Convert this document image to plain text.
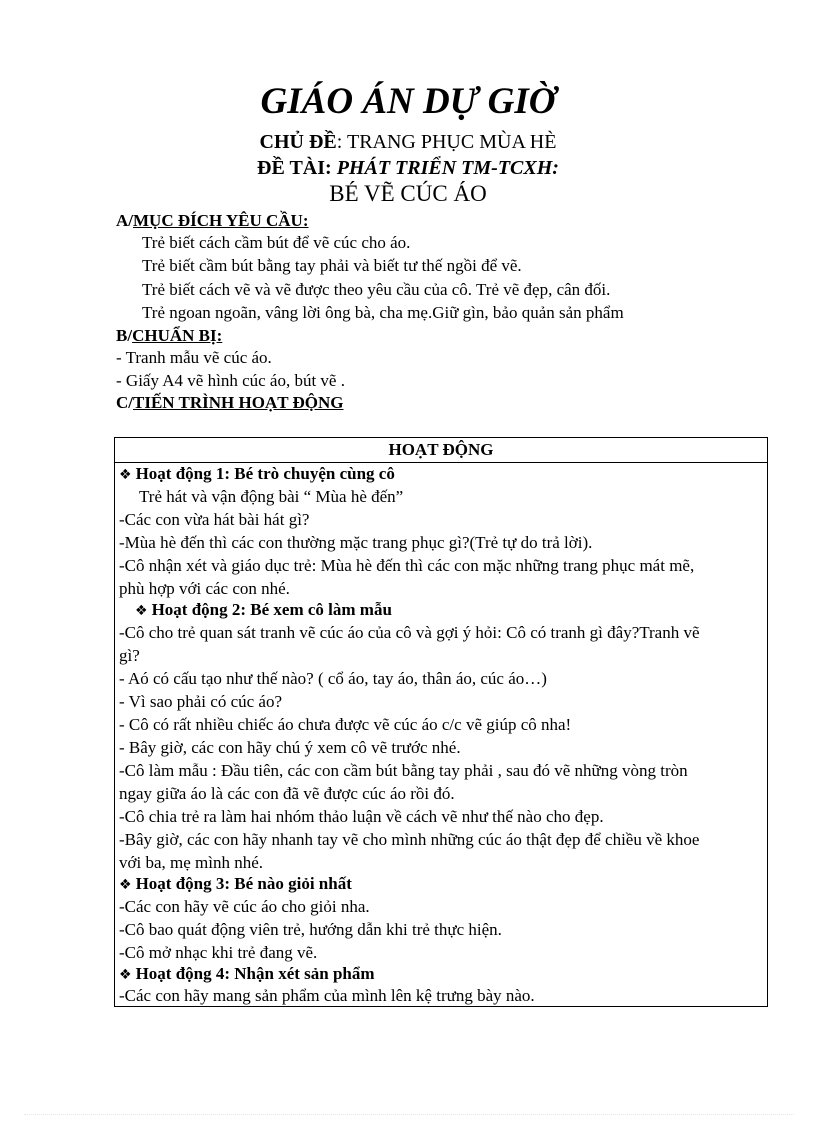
GIÁO ÁN DỰ GIỜ
CHỦ ĐỀ: TRANG PHỤC MÙA HÈ
ĐỀ TÀI: PHÁT TRIỂN TM-TCXH:
BÉ VẼ CÚC ÁO
A/MỤC ĐÍCH YÊU CẦU:
Trẻ biết cách cầm bút để vẽ cúc cho áo.
Trẻ biết cầm bút bằng tay phải và biết tư thế ngồi để vẽ.
Trẻ biết cách vẽ và vẽ được theo yêu cầu của cô. Trẻ vẽ đẹp, cân đối.
Trẻ ngoan ngoãn, vâng lời ông bà, cha mẹ.Giữ gìn, bảo quản sản phẩm
B/CHUẨN BỊ:
- Tranh mẫu vẽ cúc áo.
- Giấy A4 vẽ hình cúc áo, bút vẽ .
C/TIẾN TRÌNH HOẠT ĐỘNG
HOẠT ĐỘNG
❖ Hoạt động 1: Bé trò chuyện cùng cô
Trẻ hát và vận động bài “ Mùa hè đến”
-Các con vừa hát bài hát gì?
-Mùa hè đến thì các con thường mặc trang phục gì?(Trẻ tự do trả lời).
-Cô nhận xét và giáo dục trẻ: Mùa hè đến thì các con mặc những trang phục mát mẽ,
phù hợp với các con nhé.
❖ Hoạt động 2: Bé xem cô làm mẫu
-Cô cho trẻ quan sát tranh vẽ cúc áo của cô và gợi ý hỏi: Cô có tranh gì đây?Tranh vẽ
gì?
- Aó có cấu tạo như thế nào? ( cổ áo, tay áo, thân áo, cúc áo…)
- Vì sao phải có cúc áo?
- Cô có rất nhiều chiếc áo chưa được vẽ cúc áo c/c vẽ giúp cô nha!
- Bây giờ, các con hãy chú ý xem cô vẽ trước nhé.
-Cô làm mẫu : Đầu tiên, các con cầm bút bằng tay phải , sau đó vẽ những vòng tròn
ngay giữa áo là các con đã vẽ được cúc áo rồi đó.
-Cô chia trẻ ra làm hai nhóm thảo luận về cách vẽ như thế nào cho đẹp.
-Bây giờ, các con hãy nhanh tay vẽ cho mình những cúc áo thật đẹp để chiều về khoe
với ba, mẹ mình nhé.
❖ Hoạt động 3: Bé nào giỏi nhất
-Các con hãy vẽ cúc áo cho giỏi nha.
-Cô bao quát động viên trẻ, hướng dẫn khi trẻ thực hiện.
-Cô mở nhạc khi trẻ đang vẽ.
❖ Hoạt động 4: Nhận xét sản phẩm
-Các con hãy mang sản phẩm của mình lên kệ trưng bày nào.
